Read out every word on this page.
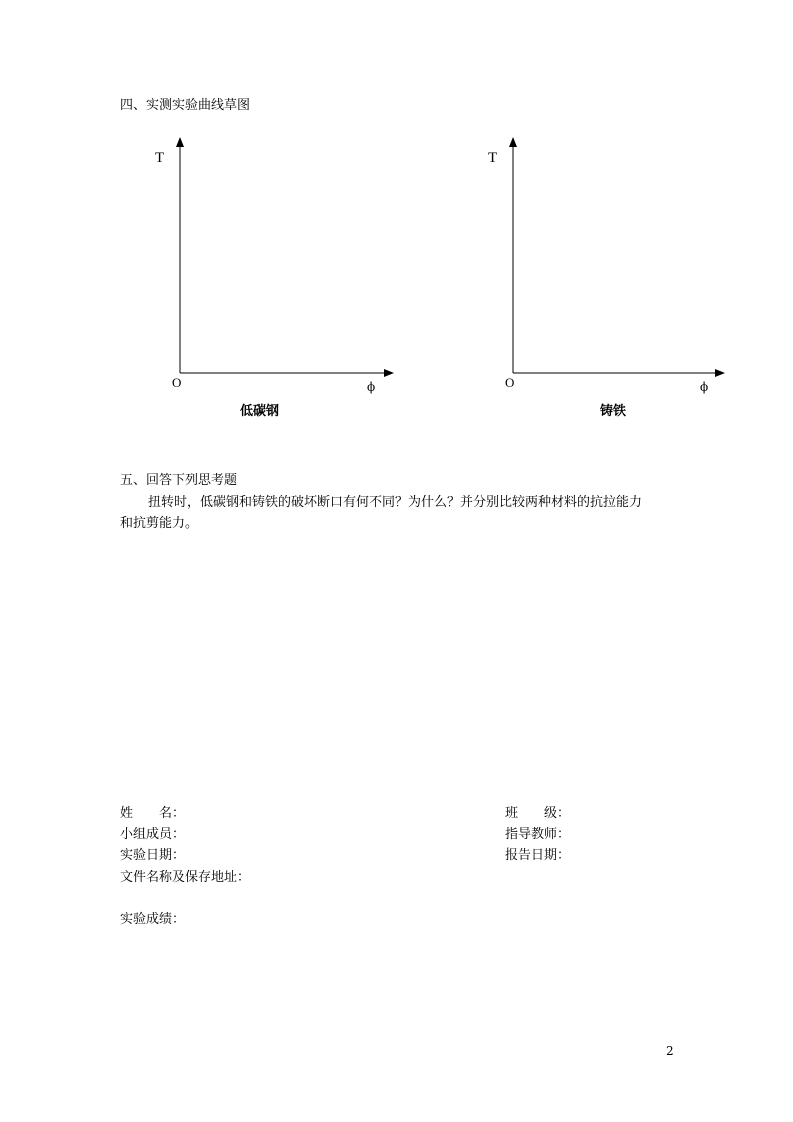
四、实测实验曲线草图
T
O	ϕ
低碳钢
T
O	ϕ
铸铁
五、回答下列思考题
扭转时，低碳钢和铸铁的破坏断口有何不同？为什么？并分别比较两种材料的抗拉能力
和抗剪能力。
姓　　名：	班　　级：
小组成员：	指导教师：
实验日期：	报告日期：
文件名称及保存地址：
实验成绩：
2
